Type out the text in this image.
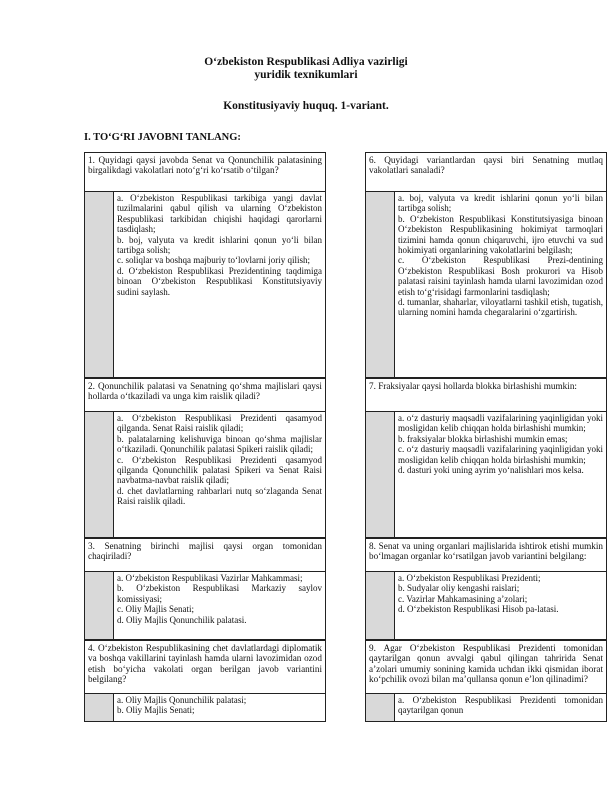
O‘zbekiston Respublikasi Adliya vazirligi
yuridik texnikumlari
Konstitusiyaviy huquq. 1-variant.
I. TO‘G‘RI JAVOBNI TANLANG:
1. Quyidagi qaysi javobda Senat va Qonunchilik palatasining birgalikdagi vakolatlari noto‘g‘ri ko‘rsatib o‘tilgan?
a. O‘zbekiston Respublikasi tarkibiga yangi davlat tuzilmalarini qabul qilish va ularning O‘zbekiston Respublikasi tarkibidan chiqishi haqidagi qarorlarni tasdiqlash;
b. boj, valyuta va kredit ishlarini qonun yo‘li bilan tartibga solish;
c. soliqlar va boshqa majburiy to‘lovlarni joriy qilish;
d. O‘zbekiston Respublikasi Prezidentining taqdimiga binoan O‘zbekiston Respublikasi Konstitutsiyaviy sudini saylash.
2. Qonunchilik palatasi va Senatning qo‘shma majlislari qaysi hollarda o‘tkaziladi va unga kim raislik qiladi?
a. O‘zbekiston Respublikasi Prezidenti qasamyod qilganda. Senat Raisi raislik qiladi;
b. palatalarning kelishuviga binoan qo‘shma majlislar o‘tkaziladi. Qonunchilik palatasi Spikeri raislik qiladi;
c. O‘zbekiston Respublikasi Prezidenti qasamyod qilganda Qonunchilik palatasi Spikeri va Senat Raisi navbatma-navbat raislik qiladi;
d. chet davlatlarning rahbarlari nutq so‘zlaganda Senat Raisi raislik qiladi.
3. Senatning birinchi majlisi qaysi organ tomonidan chaqiriladi?
a. O‘zbekiston Respublikasi Vazirlar Mahkammasi;
b. O‘zbekiston Respublikasi Markaziy saylov komissiyasi;
c. Oliy Majlis Senati;
d. Oliy Majlis Qonunchilik palatasi.
4. O‘zbekiston Respublikasining chet davlatlardagi diplomatik va boshqa vakillarini tayinlash hamda ularni lavozimidan ozod etish bo‘yicha vakolati organ berilgan javob variantini belgilang?
a. Oliy Majlis Qonunchilik palatasi;
b. Oliy Majlis Senati;
6. Quyidagi variantlardan qaysi biri Senatning mutlaq vakolatlari sanaladi?
a. boj, valyuta va kredit ishlarini qonun yo‘li bilan tartibga solish;
b. O‘zbekiston Respublikasi Konstitutsiyasiga binoan O‘zbekiston Respublikasining hokimiyat tarmoqlari tizimini hamda qonun chiqaruvchi, ijro etuvchi va sud hokimiyati organlarining vakolatlarini belgilash;
c. O‘zbekiston Respublikasi Prezi-dentining O‘zbekiston Respublikasi Bosh prokurori va Hisob palatasi raisini tayinlash hamda ularni lavozimidan ozod etish to‘g‘risidagi farmonlarini tasdiqlash;
d. tumanlar, shaharlar, viloyatlarni tashkil etish, tugatish, ularning nomini hamda chegaralarini o‘zgartirish.
7. Fraksiyalar qaysi hollarda blokka birlashishi mumkin:
a. o‘z dasturiy maqsadli vazifalarining yaqinligidan yoki mosligidan kelib chiqqan holda birlashishi mumkin;
b. fraksiyalar blokka birlashishi mumkin emas;
c. o‘z dasturiy maqsadli vazifalarining yaqinligidan yoki mosligidan kelib chiqqan holda birlashishi mumkin;
d. dasturi yoki uning ayrim yo‘nalishlari mos kelsa.
8. Senat va uning organlari majlislarida ishtirok etishi mumkin bo‘lmagan organlar ko‘rsatilgan javob variantini belgilang:
a. O‘zbekiston Respublikasi Prezidenti;
b. Sudyalar oliy kengashi raislari;
c. Vazirlar Mahkamasining a’zolari;
d. O‘zbekiston Respublikasi Hisob pa-latasi.
9. Agar O‘zbekiston Respublikasi Prezidenti tomonidan qaytarilgan qonun avvalgi qabul qilingan tahririda Senat a’zolari umumiy sonining kamida uchdan ikki qismidan iborat ko‘pchilik ovozi bilan ma’qullansa qonun e’lon qilinadimi?
a. O‘zbekiston Respublikasi Prezidenti tomonidan qaytarilgan qonun
